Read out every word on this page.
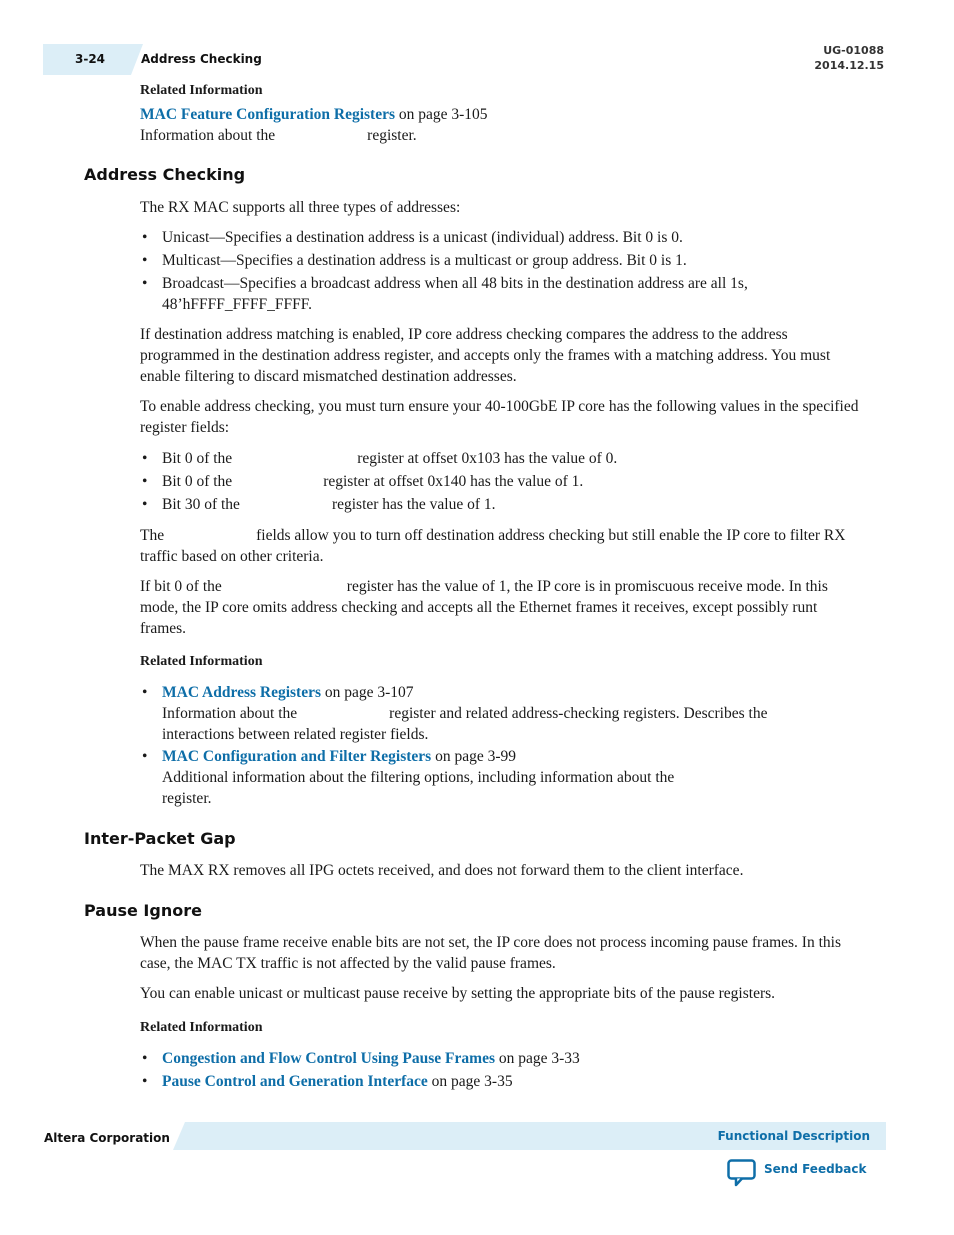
3-24	Address Checking
UG-01088
2014.12.15
Related Information
MAC Feature Configuration Registers on page 3-105
Information about the	register.
Address Checking
The RX MAC supports all three types of addresses:
• Unicast—Specifies a destination address is a unicast (individual) address. Bit 0 is 0.
• Multicast—Specifies a destination address is a multicast or group address. Bit 0 is 1.
• Broadcast—Specifies a broadcast address when all 48 bits in the destination address are all 1s, 48’hFFFF_FFFF_FFFF.
If destination address matching is enabled, IP core address checking compares the address to the address programmed in the destination address register, and accepts only the frames with a matching address. You must enable filtering to discard mismatched destination addresses.
To enable address checking, you must turn ensure your 40-100GbE IP core has the following values in the specified register fields:
• Bit 0 of the	register at offset 0x103 has the value of 0.
• Bit 0 of the	register at offset 0x140 has the value of 1.
• Bit 30 of the	register has the value of 1.
The	fields allow you to turn off destination address checking but still enable the IP core to filter RX traffic based on other criteria.
If bit 0 of the	register has the value of 1, the IP core is in promiscuous receive mode. In this mode, the IP core omits address checking and accepts all the Ethernet frames it receives, except possibly runt frames.
Related Information
• MAC Address Registers on page 3-107
Information about the	register and related address-checking registers. Describes the interactions between related register fields.
• MAC Configuration and Filter Registers on page 3-99
Additional information about the filtering options, including information about the
register.
Inter-Packet Gap
The MAX RX removes all IPG octets received, and does not forward them to the client interface.
Pause Ignore
When the pause frame receive enable bits are not set, the IP core does not process incoming pause frames. In this case, the MAC TX traffic is not affected by the valid pause frames.
You can enable unicast or multicast pause receive by setting the appropriate bits of the pause registers.
Related Information
• Congestion and Flow Control Using Pause Frames on page 3-33
• Pause Control and Generation Interface on page 3-35
Altera Corporation	Functional Description
Send Feedback
